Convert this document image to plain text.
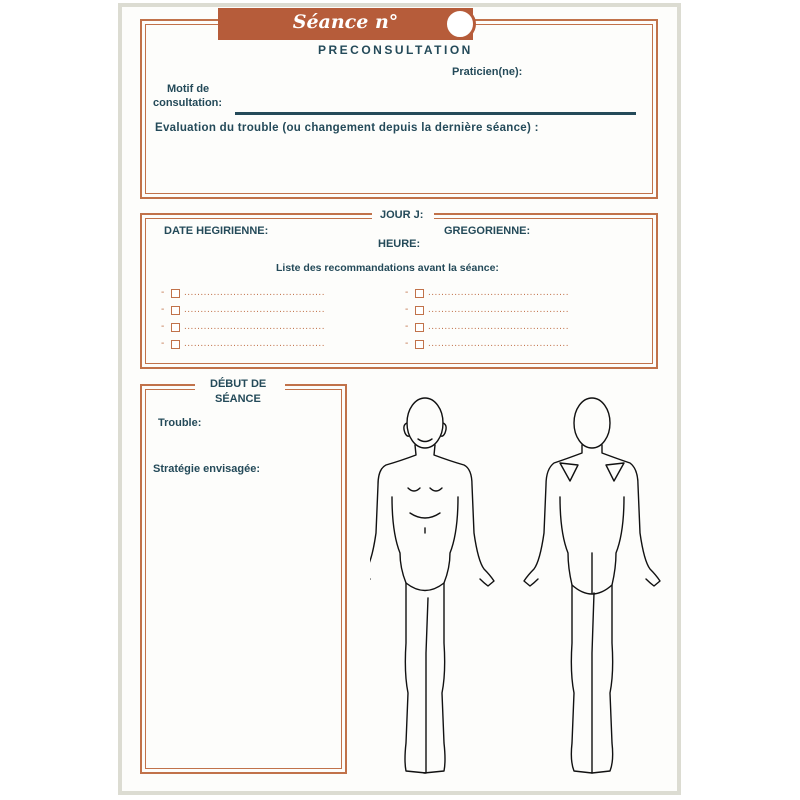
Séance n°
PRECONSULTATION
Praticien(ne):
Motif de
consultation:
Evaluation du trouble (ou changement depuis la dernière séance) :
JOUR J:
DATE HEGIRIENNE:	GREGORIENNE:
HEURE:
Liste des recommandations avant la séance:
- ...........................................
- ...........................................
- ...........................................
- ...........................................
- ...........................................
- ...........................................
- ...........................................
- ...........................................
DÉBUT DE
SÉANCE
Trouble:
Stratégie envisagée:
